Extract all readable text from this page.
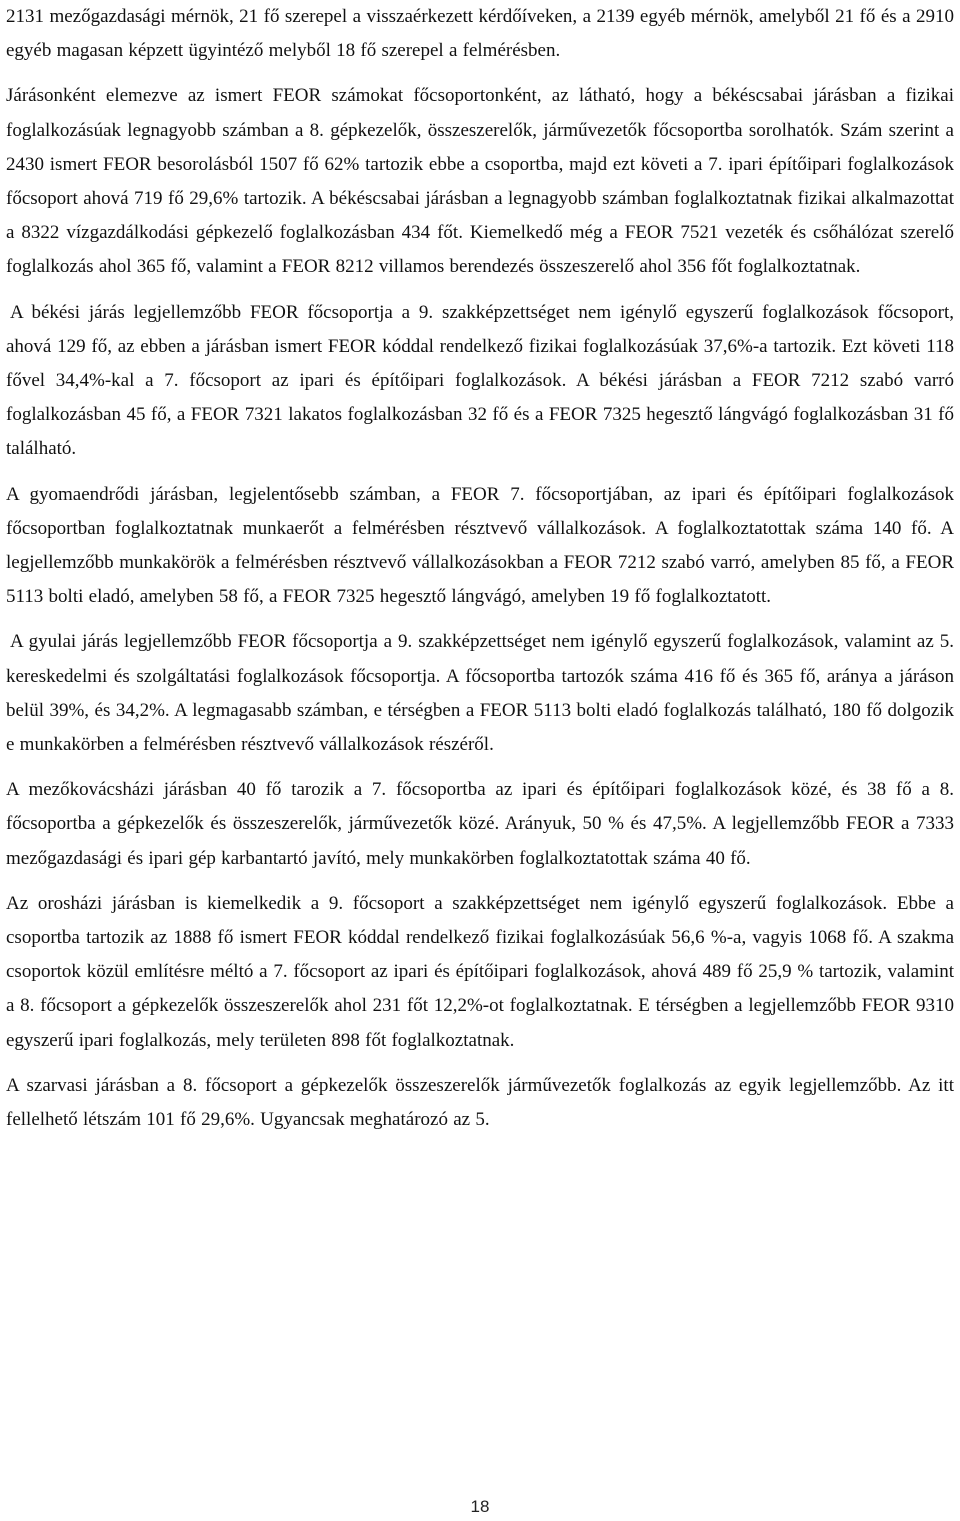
2131 mezőgazdasági mérnök, 21 fő szerepel a visszaérkezett kérdőíveken, a 2139 egyéb mérnök, amelyből 21 fő és a 2910 egyéb magasan képzett ügyintéző melyből 18 fő szerepel a felmérésben.

Járásonként elemezve az ismert FEOR számokat főcsoportonként, az látható, hogy a békéscsabai járásban a fizikai foglalkozásúak legnagyobb számban a 8. gépkezelők, összeszerelők, járművezetők főcsoportba sorolhatók. Szám szerint a 2430 ismert FEOR besorolásból 1507 fő 62% tartozik ebbe a csoportba, majd ezt követi a 7. ipari építőipari foglalkozások főcsoport ahová 719 fő 29,6% tartozik. A békéscsabai járásban a legnagyobb számban foglalkoztatnak fizikai alkalmazottat a 8322 vízgazdálkodási gépkezelő foglalkozásban 434 főt. Kiemelkedő még a FEOR 7521 vezeték és csőhálózat szerelő foglalkozás ahol 365 fő, valamint a FEOR 8212 villamos berendezés összeszerelő ahol 356 főt foglalkoztatnak.

A békési járás legjellemzőbb FEOR főcsoportja a 9. szakképzettséget nem igénylő egyszerű foglalkozások főcsoport, ahová 129 fő, az ebben a járásban ismert FEOR kóddal rendelkező fizikai foglalkozásúak 37,6%-a tartozik. Ezt követi 118 fővel 34,4%-kal a 7. főcsoport az ipari és építőipari foglalkozások. A békési járásban a FEOR 7212 szabó varró foglalkozásban 45 fő, a FEOR 7321 lakatos foglalkozásban 32 fő és a FEOR 7325 hegesztő lángvágó foglalkozásban 31 fő található.

A gyomaendrődi járásban, legjelentősebb számban, a FEOR 7. főcsoportjában, az ipari és építőipari foglalkozások főcsoportban foglalkoztatnak munkaerőt a felmérésben résztvevő vállalkozások. A foglalkoztatottak száma 140 fő. A legjellemzőbb munkakörök a felmérésben résztvevő vállalkozásokban a FEOR 7212 szabó varró, amelyben 85 fő, a FEOR 5113 bolti eladó, amelyben 58 fő, a FEOR 7325 hegesztő lángvágó, amelyben 19 fő foglalkoztatott.

A gyulai járás legjellemzőbb FEOR főcsoportja a 9. szakképzettséget nem igénylő egyszerű foglalkozások, valamint az 5. kereskedelmi és szolgáltatási foglalkozások főcsoportja. A főcsoportba tartozók száma 416 fő és 365 fő, aránya a járáson belül 39%, és 34,2%. A legmagasabb számban, e térségben a FEOR 5113 bolti eladó foglalkozás található, 180 fő dolgozik e munkakörben a felmérésben résztvevő vállalkozások részéről.

A mezőkovácsházi járásban 40 fő tarozik a 7. főcsoportba az ipari és építőipari foglalkozások közé, és 38 fő a 8. főcsoportba a gépkezelők és összeszerelők, járművezetők közé. Arányuk, 50 % és 47,5%. A legjellemzőbb FEOR a 7333 mezőgazdasági és ipari gép karbantartó javító, mely munkakörben foglalkoztatottak száma 40 fő.

Az orosházi járásban is kiemelkedik a 9. főcsoport a szakképzettséget nem igénylő egyszerű foglalkozások. Ebbe a csoportba tartozik az 1888 fő ismert FEOR kóddal rendelkező fizikai foglalkozásúak 56,6 %-a, vagyis 1068 fő. A szakma csoportok közül említésre méltó a 7. főcsoport az ipari és építőipari foglalkozások, ahová 489 fő 25,9 % tartozik, valamint a 8. főcsoport a gépkezelők összeszerelők ahol 231 főt 12,2%-ot foglalkoztatnak. E térségben a legjellemzőbb FEOR 9310 egyszerű ipari foglalkozás, mely területen 898 főt foglalkoztatnak.

A szarvasi járásban a 8. főcsoport a gépkezelők összeszerelők járművezetők foglalkozás az egyik legjellemzőbb. Az itt fellelhető létszám 101 fő 29,6%. Ugyancsak meghatározó az 5.

18
